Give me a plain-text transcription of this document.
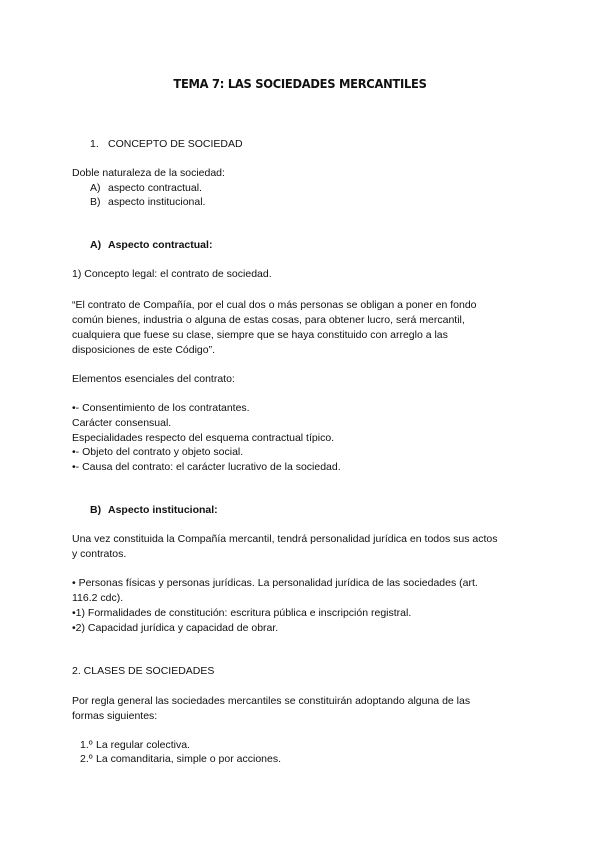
TEMA 7: LAS SOCIEDADES MERCANTILES
1. CONCEPTO DE SOCIEDAD
Doble naturaleza de la sociedad:
A) aspecto contractual.
B) aspecto institucional.
A) Aspecto contractual:
1) Concepto legal: el contrato de sociedad.
“El contrato de Compañía, por el cual dos o más personas se obligan a poner en fondo
común bienes, industria o alguna de estas cosas, para obtener lucro, será mercantil,
cualquiera que fuese su clase, siempre que se haya constituido con arreglo a las
disposiciones de este Código”.
Elementos esenciales del contrato:
•- Consentimiento de los contratantes.
Carácter consensual.
Especialidades respecto del esquema contractual típico.
•- Objeto del contrato y objeto social.
•- Causa del contrato: el carácter lucrativo de la sociedad.
B) Aspecto institucional:
Una vez constituida la Compañía mercantil, tendrá personalidad jurídica en todos sus actos
y contratos.
• Personas físicas y personas jurídicas. La personalidad jurídica de las sociedades (art.
116.2 cdc).
•1) Formalidades de constitución: escritura pública e inscripción registral.
•2) Capacidad jurídica y capacidad de obrar.
2. CLASES DE SOCIEDADES
Por regla general las sociedades mercantiles se constituirán adoptando alguna de las
formas siguientes:
1.º La regular colectiva.
2.º La comanditaria, simple o por acciones.
